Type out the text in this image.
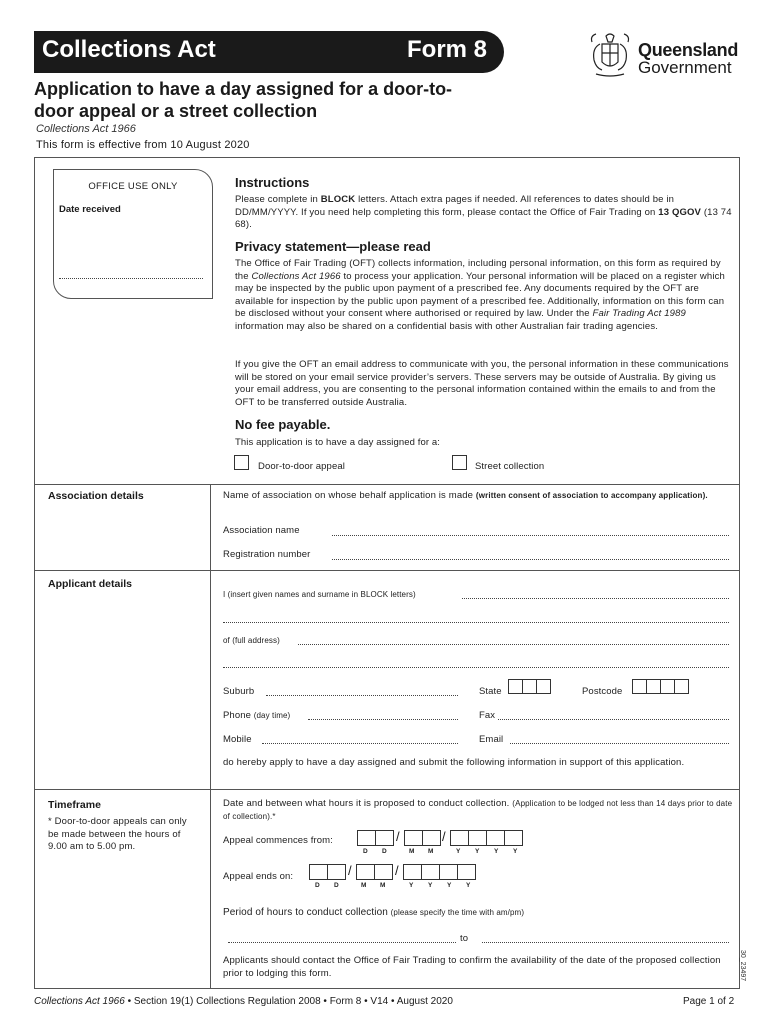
Collections Act	Form 8	Queensland
Government
Application to have a day assigned for a door-to-door appeal or a street collection
Collections Act 1966
This form is effective from 10 August 2020
OFFICE USE ONLY
Date received
Instructions
Please complete in BLOCK letters. Attach extra pages if needed. All references to dates should be in DD/MM/YYYY. If you need help completing this form, please contact the Office of Fair Trading on 13 QGOV (13 74 68).
Privacy statement—please read
The Office of Fair Trading (OFT) collects information, including personal information, on this form as required by the Collections Act 1966 to process your application. Your personal information will be placed on a register which may be inspected by the public upon payment of a prescribed fee. Any documents required by the OFT are available for inspection by the public upon payment of a prescribed fee. Additionally, information on this form can be disclosed without your consent where authorised or required by law. Under the Fair Trading Act 1989 information may also be shared on a confidential basis with other Australian fair trading agencies.
If you give the OFT an email address to communicate with you, the personal information in these communications will be stored on your email service provider’s servers. These servers may be outside of Australia. By giving us your email address, you are consenting to the personal information contained within the emails to and from the OFT to be transferred outside Australia.
No fee payable.
This application is to have a day assigned for a:
Door-to-door appeal	Street collection
Association details	Name of association on whose behalf application is made (written consent of association to accompany application).
Association name
Registration number
Applicant details
I (insert given names and surname in BLOCK letters)
of (full address)
Suburb	State	Postcode
Phone (day time)	Fax
Mobile	Email
do hereby apply to have a day assigned and submit the following information in support of this application.
Timeframe
* Door-to-door appeals can only be made between the hours of 9.00 am to 5.00 pm.
Date and between what hours it is proposed to conduct collection. (Application to be lodged not less than 14 days prior to date of collection).*
Appeal commences from:	/	/
D D	M M	Y Y Y Y
Appeal ends on:	/	/
D D	M M	Y Y Y Y
Period of hours to conduct collection (please specify the time with am/pm)
to
Applicants should contact the Office of Fair Trading to confirm the availability of the date of the proposed collection prior to lodging this form.	30_23497
Collections Act 1966 • Section 19(1) Collections Regulation 2008 • Form 8 • V14 • August 2020	Page 1 of 2
